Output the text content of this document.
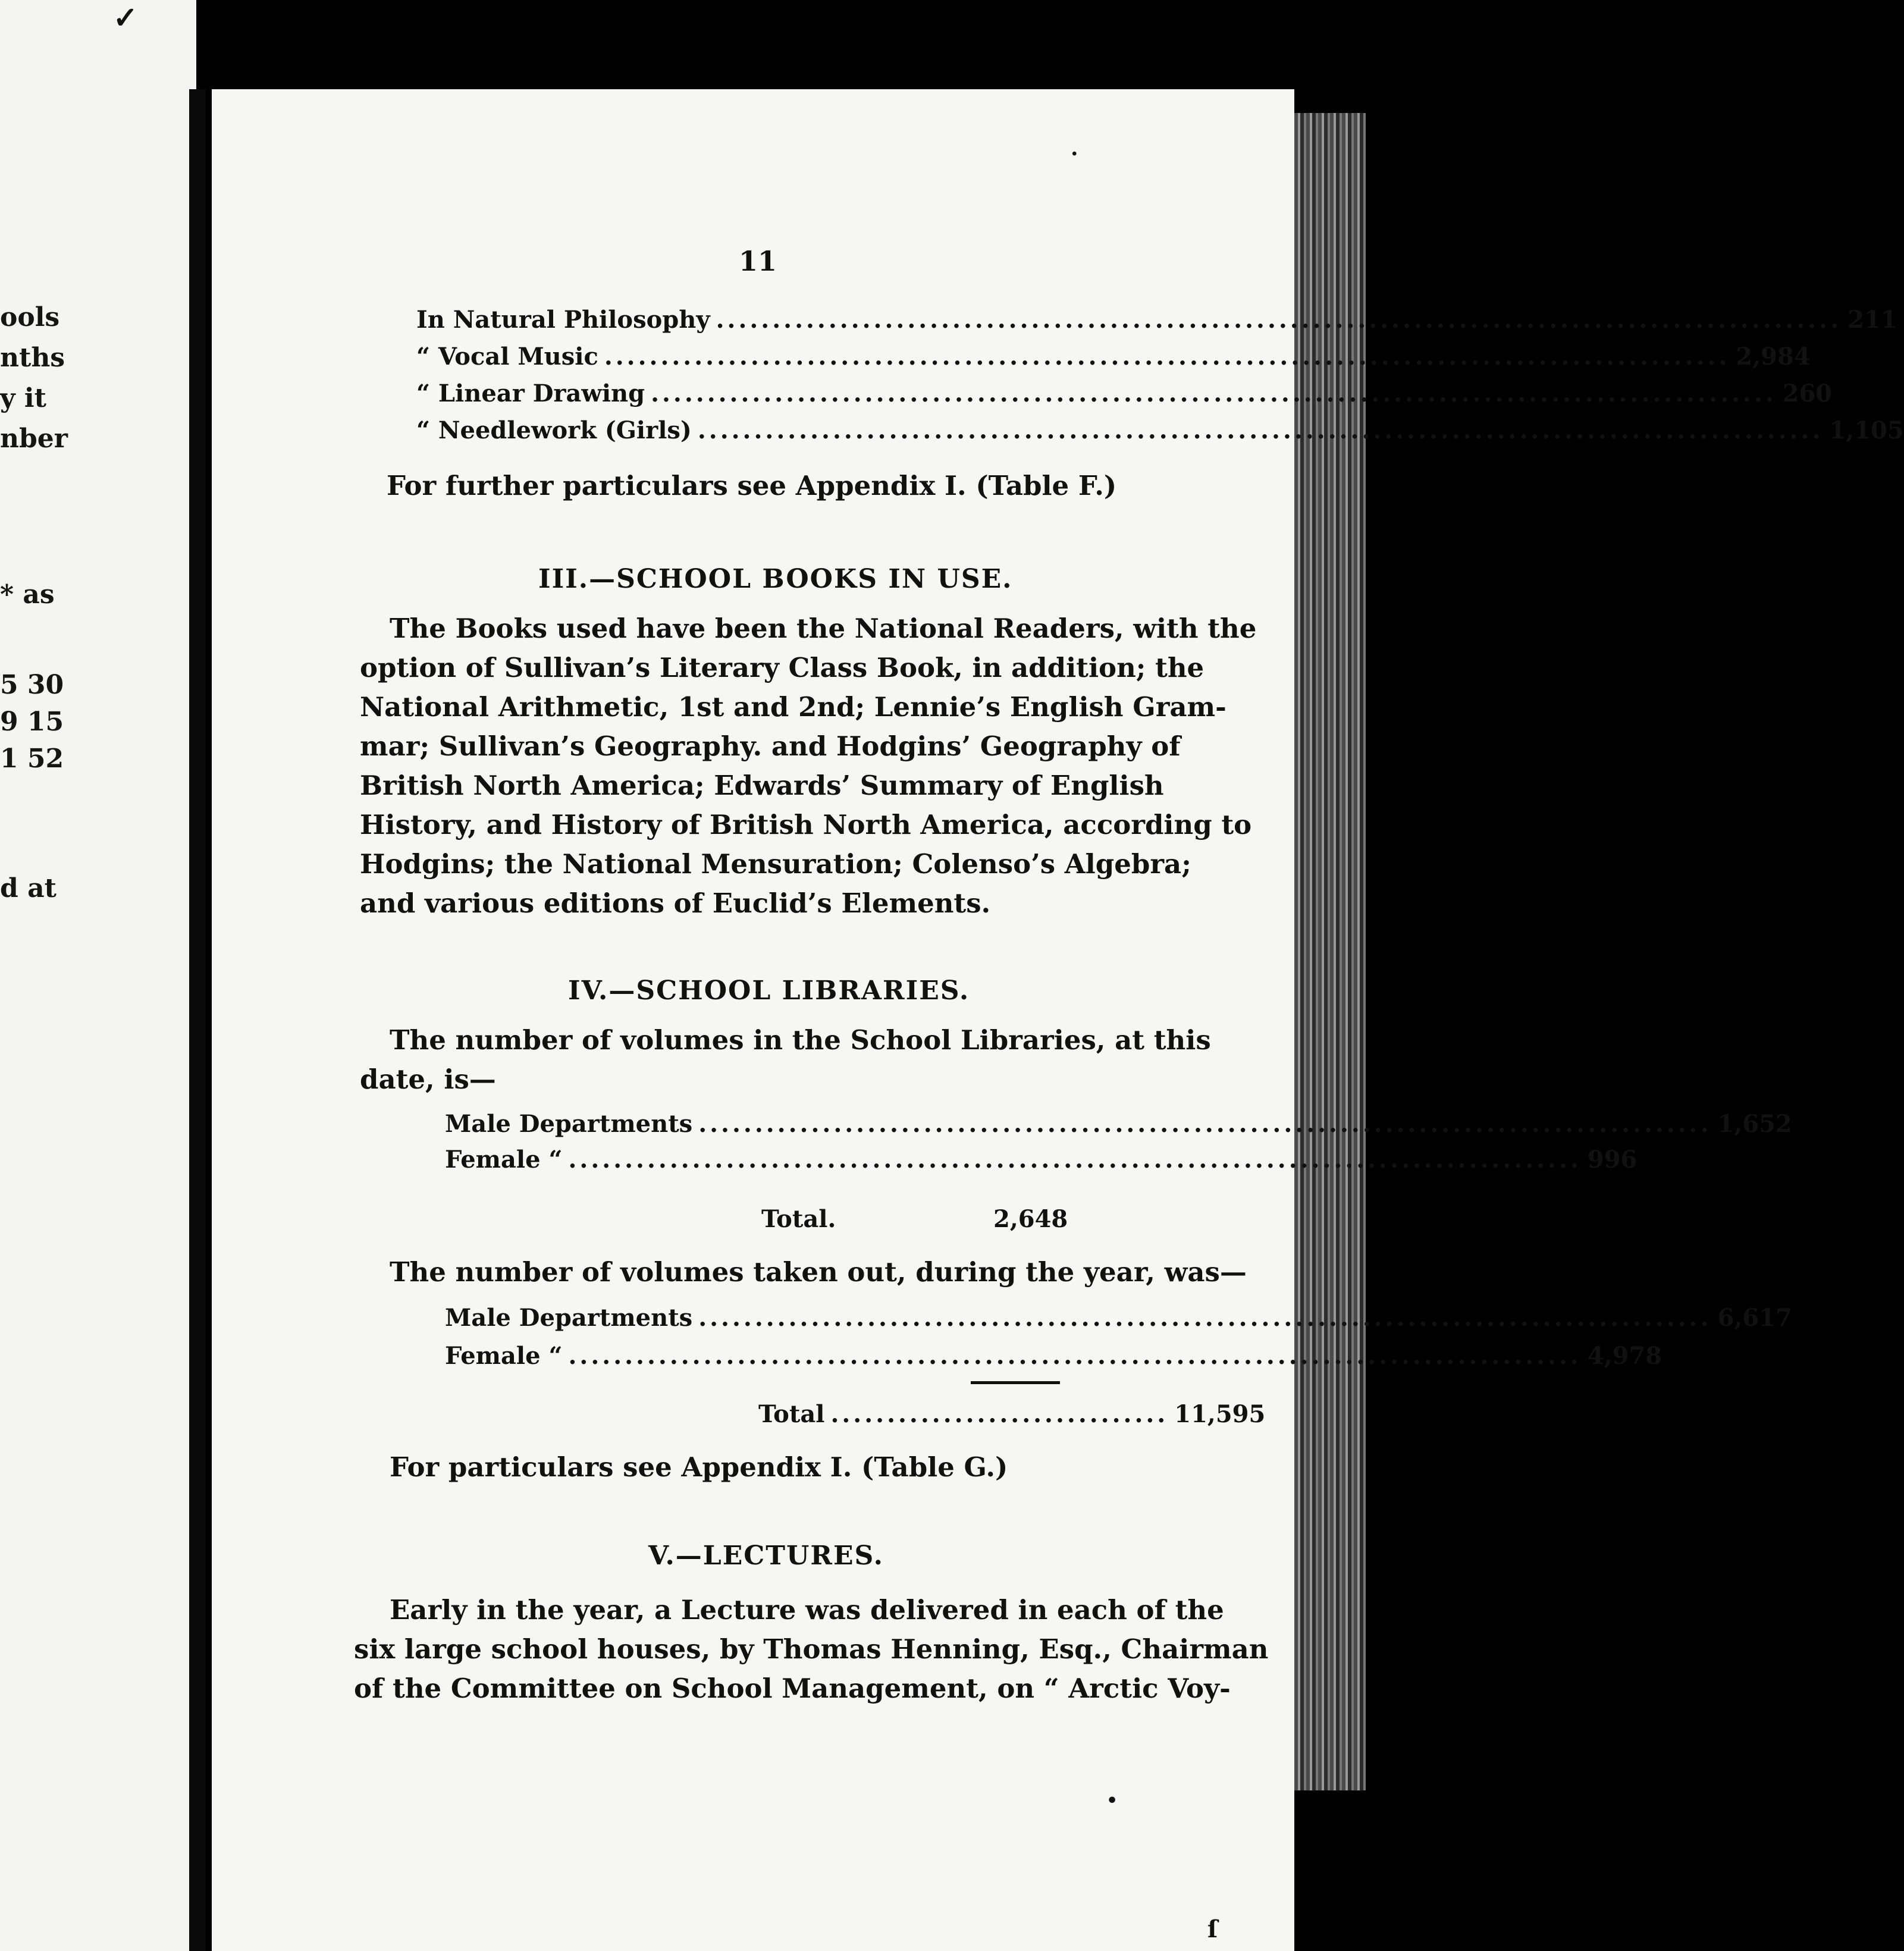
ools
nths
y it
nber
* as
5 30
9 15
1 52
d at
11
In Natural Philosophy .................................................................................................... 211
“ Vocal Music .................................................................................................... 2,984
“ Linear Drawing .................................................................................................... 260
“ Needlework (Girls) .................................................................................................... 1,105
For further particulars see Appendix I. (Table F.)
III.—SCHOOL BOOKS IN USE.
The Books used have been the National Readers, with the
option of Sullivan’s Literary Class Book, in addition; the
National Arithmetic, 1st and 2nd; Lennie’s English Gram-
mar; Sullivan’s Geography. and Hodgins’ Geography of
British North America; Edwards’ Summary of English
History, and History of British North America, according to
Hodgins; the National Mensuration; Colenso’s Algebra;
and various editions of Euclid’s Elements.
IV.—SCHOOL LIBRARIES.
The number of volumes in the School Libraries, at this
date, is—
Male Departments .......................................................................................... 1,652
Female “ .......................................................................................... 996
Total.	2,648
The number of volumes taken out, during the year, was—
Male Departments .......................................................................................... 6,617
Female “ .......................................................................................... 4,978
Total .............................. 11,595
For particulars see Appendix I. (Table G.)
V.—LECTURES.
Early in the year, a Lecture was delivered in each of the
six large school houses, by Thomas Henning, Esq., Chairman
of the Committee on School Management, on “ Arctic Voy-
✓
.
•
ſ
